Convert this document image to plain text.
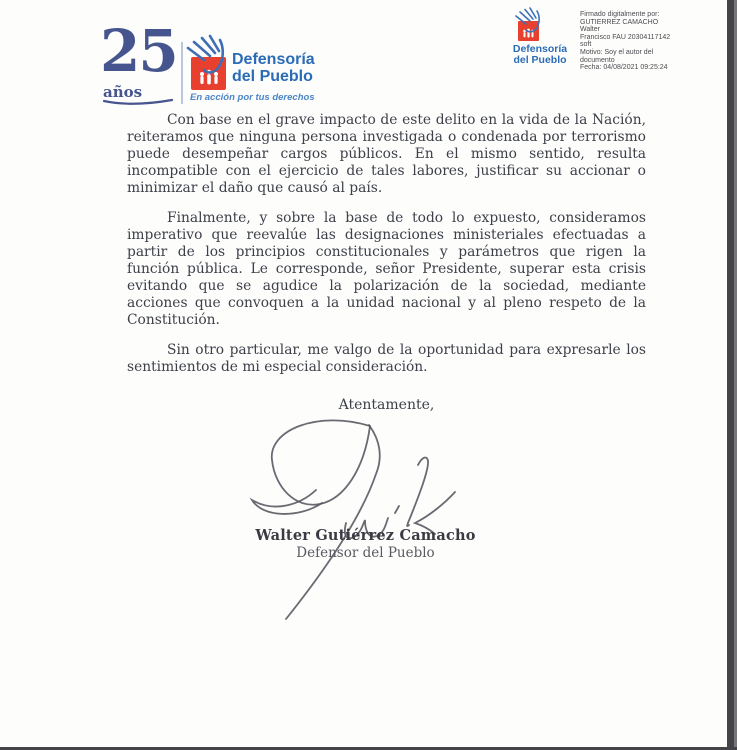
25
años
Defensoría
del Pueblo
En acción por tus derechos
Defensoría
del Pueblo
Firmado digitalmente por:
GUTIERREZ CAMACHO Walter
Francisco FAU 20304117142 soft
Motivo: Soy el autor del
documento
Fecha: 04/08/2021 09:25:24

Con base en el grave impacto de este delito en la vida de la Nación, reiteramos que ninguna persona investigada o condenada por terrorismo puede desempeñar cargos públicos. En el mismo sentido, resulta incompatible con el ejercicio de tales labores, justificar su accionar o minimizar el daño que causó al país.

Finalmente, y sobre la base de todo lo expuesto, consideramos imperativo que reevalúe las designaciones ministeriales efectuadas a partir de los principios constitucionales y parámetros que rigen la función pública. Le corresponde, señor Presidente, superar esta crisis evitando que se agudice la polarización de la sociedad, mediante acciones que convoquen a la unidad nacional y al pleno respeto de la Constitución.

Sin otro particular, me valgo de la oportunidad para expresarle los sentimientos de mi especial consideración.

Atentamente,
Walter Gutiérrez Camacho
Defensor del Pueblo
